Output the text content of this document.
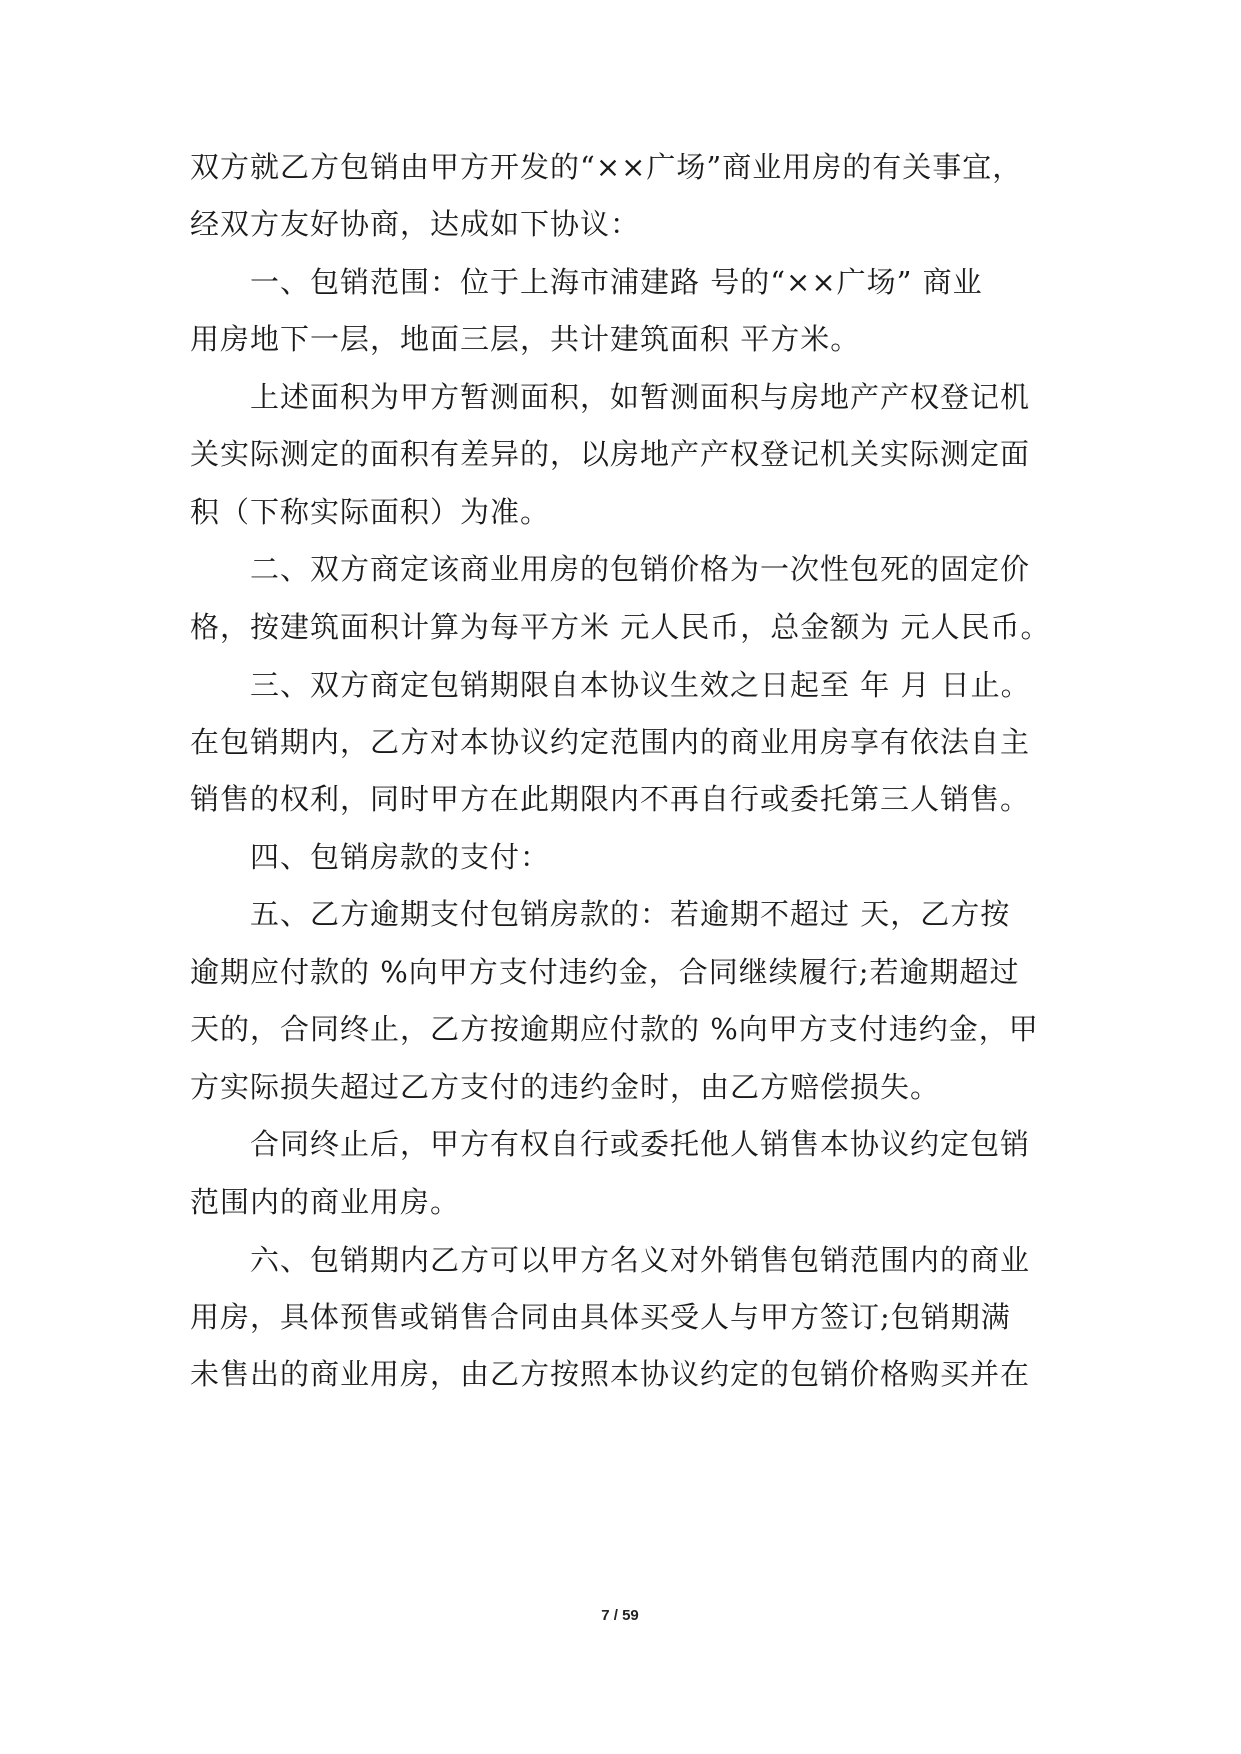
双方就乙方包销由甲方开发的“××广场”商业用房的有关事宜，
经双方友好协商，达成如下协议：
一、包销范围：位于上海市浦建路 号的“××广场” 商业
用房地下一层，地面三层，共计建筑面积 平方米。
上述面积为甲方暂测面积，如暂测面积与房地产产权登记机
关实际测定的面积有差异的，以房地产产权登记机关实际测定面
积（下称实际面积）为准。
二、双方商定该商业用房的包销价格为一次性包死的固定价
格，按建筑面积计算为每平方米 元人民币，总金额为 元人民币。
三、双方商定包销期限自本协议生效之日起至 年 月 日止。
在包销期内，乙方对本协议约定范围内的商业用房享有依法自主
销售的权利，同时甲方在此期限内不再自行或委托第三人销售。
四、包销房款的支付：
五、乙方逾期支付包销房款的：若逾期不超过 天，乙方按
逾期应付款的 %向甲方支付违约金，合同继续履行;若逾期超过
天的，合同终止，乙方按逾期应付款的 %向甲方支付违约金，甲
方实际损失超过乙方支付的违约金时，由乙方赔偿损失。
合同终止后，甲方有权自行或委托他人销售本协议约定包销
范围内的商业用房。
六、包销期内乙方可以甲方名义对外销售包销范围内的商业
用房，具体预售或销售合同由具体买受人与甲方签订;包销期满
未售出的商业用房，由乙方按照本协议约定的包销价格购买并在
7 / 59
